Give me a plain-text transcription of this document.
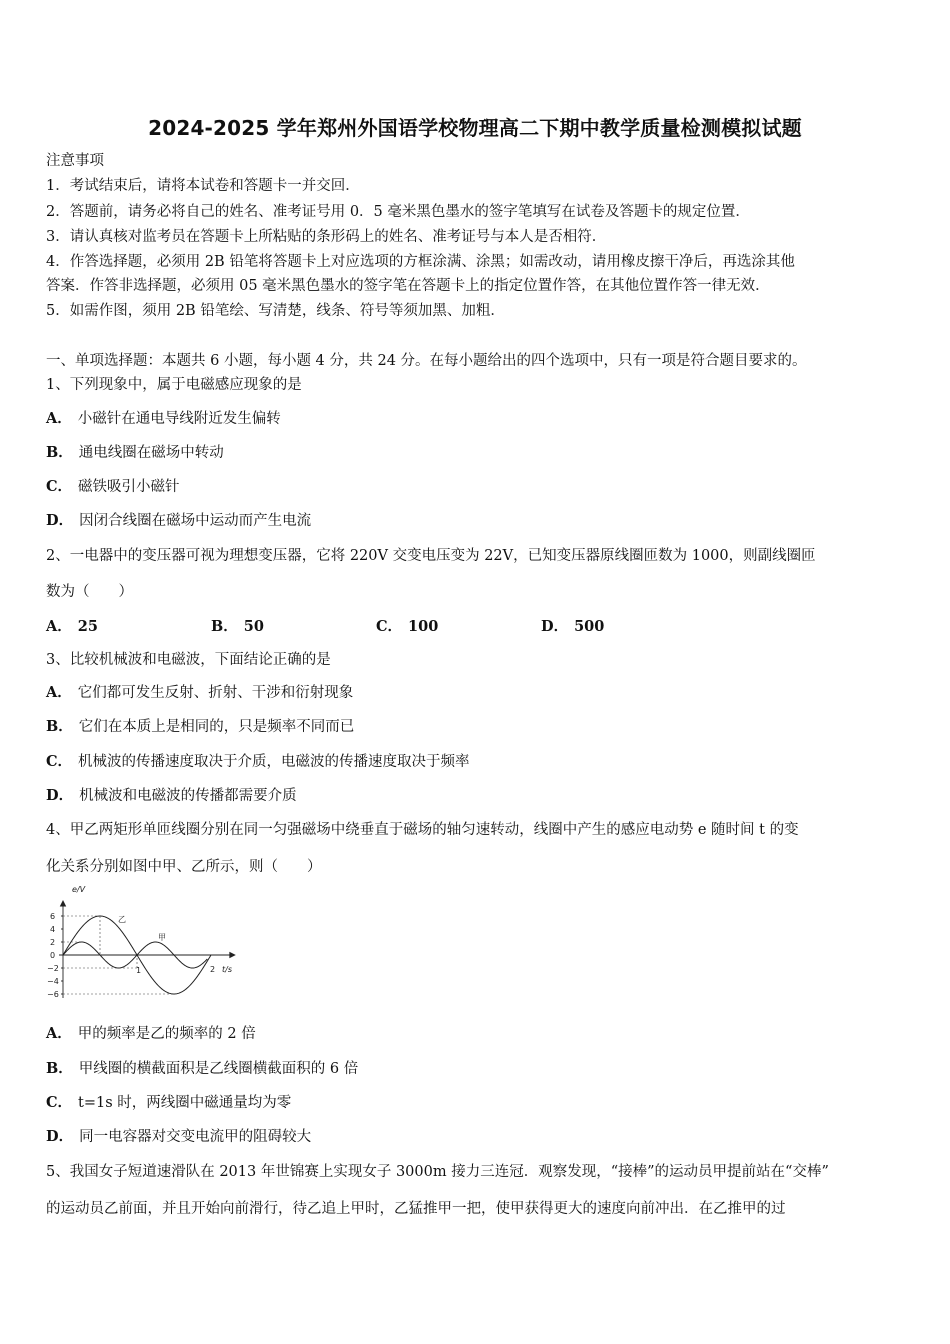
2024-2025 学年郑州外国语学校物理高二下期中教学质量检测模拟试题
注意事项
1．考试结束后，请将本试卷和答题卡一并交回．
2．答题前，请务必将自己的姓名、准考证号用 0．5 毫米黑色墨水的签字笔填写在试卷及答题卡的规定位置．
3．请认真核对监考员在答题卡上所粘贴的条形码上的姓名、准考证号与本人是否相符．
4．作答选择题，必须用 2B 铅笔将答题卡上对应选项的方框涂满、涂黑；如需改动，请用橡皮擦干净后，再选涂其他
答案．作答非选择题，必须用 05 毫米黑色墨水的签字笔在答题卡上的指定位置作答，在其他位置作答一律无效．
5．如需作图，须用 2B 铅笔绘、写清楚，线条、符号等须加黑、加粗．
一、单项选择题：本题共 6 小题，每小题 4 分，共 24 分。在每小题给出的四个选项中，只有一项是符合题目要求的。
1、下列现象中，属于电磁感应现象的是
A． 小磁针在通电导线附近发生偏转
B． 通电线圈在磁场中转动
C． 磁铁吸引小磁针
D． 因闭合线圈在磁场中运动而产生电流
2、一电器中的变压器可视为理想变压器，它将 220V 交变电压变为 22V，已知变压器原线圈匝数为 1000，则副线圈匝
数为（　　）
A． 25	B． 50	C． 100	D． 500
3、比较机械波和电磁波，下面结论正确的是
A． 它们都可发生反射、折射、干涉和衍射现象
B． 它们在本质上是相同的，只是频率不同而已
C． 机械波的传播速度取决于介质，电磁波的传播速度取决于频率
D． 机械波和电磁波的传播都需要介质
4、甲乙两矩形单匝线圈分别在同一匀强磁场中绕垂直于磁场的轴匀速转动，线圈中产生的感应电动势 e 随时间 t 的变
化关系分别如图中甲、乙所示，则（　　）
e/V
t/s
6
4
2
0
−2
−4
−6
1	2
乙
甲
A． 甲的频率是乙的频率的 2 倍
B． 甲线圈的横截面积是乙线圈横截面积的 6 倍
C． t=1s 时，两线圈中磁通量均为零
D． 同一电容器对交变电流甲的阻碍较大
5、我国女子短道速滑队在 2013 年世锦赛上实现女子 3000m 接力三连冠．观察发现，“接棒”的运动员甲提前站在“交棒”
的运动员乙前面，并且开始向前滑行，待乙追上甲时，乙猛推甲一把，使甲获得更大的速度向前冲出．在乙推甲的过
